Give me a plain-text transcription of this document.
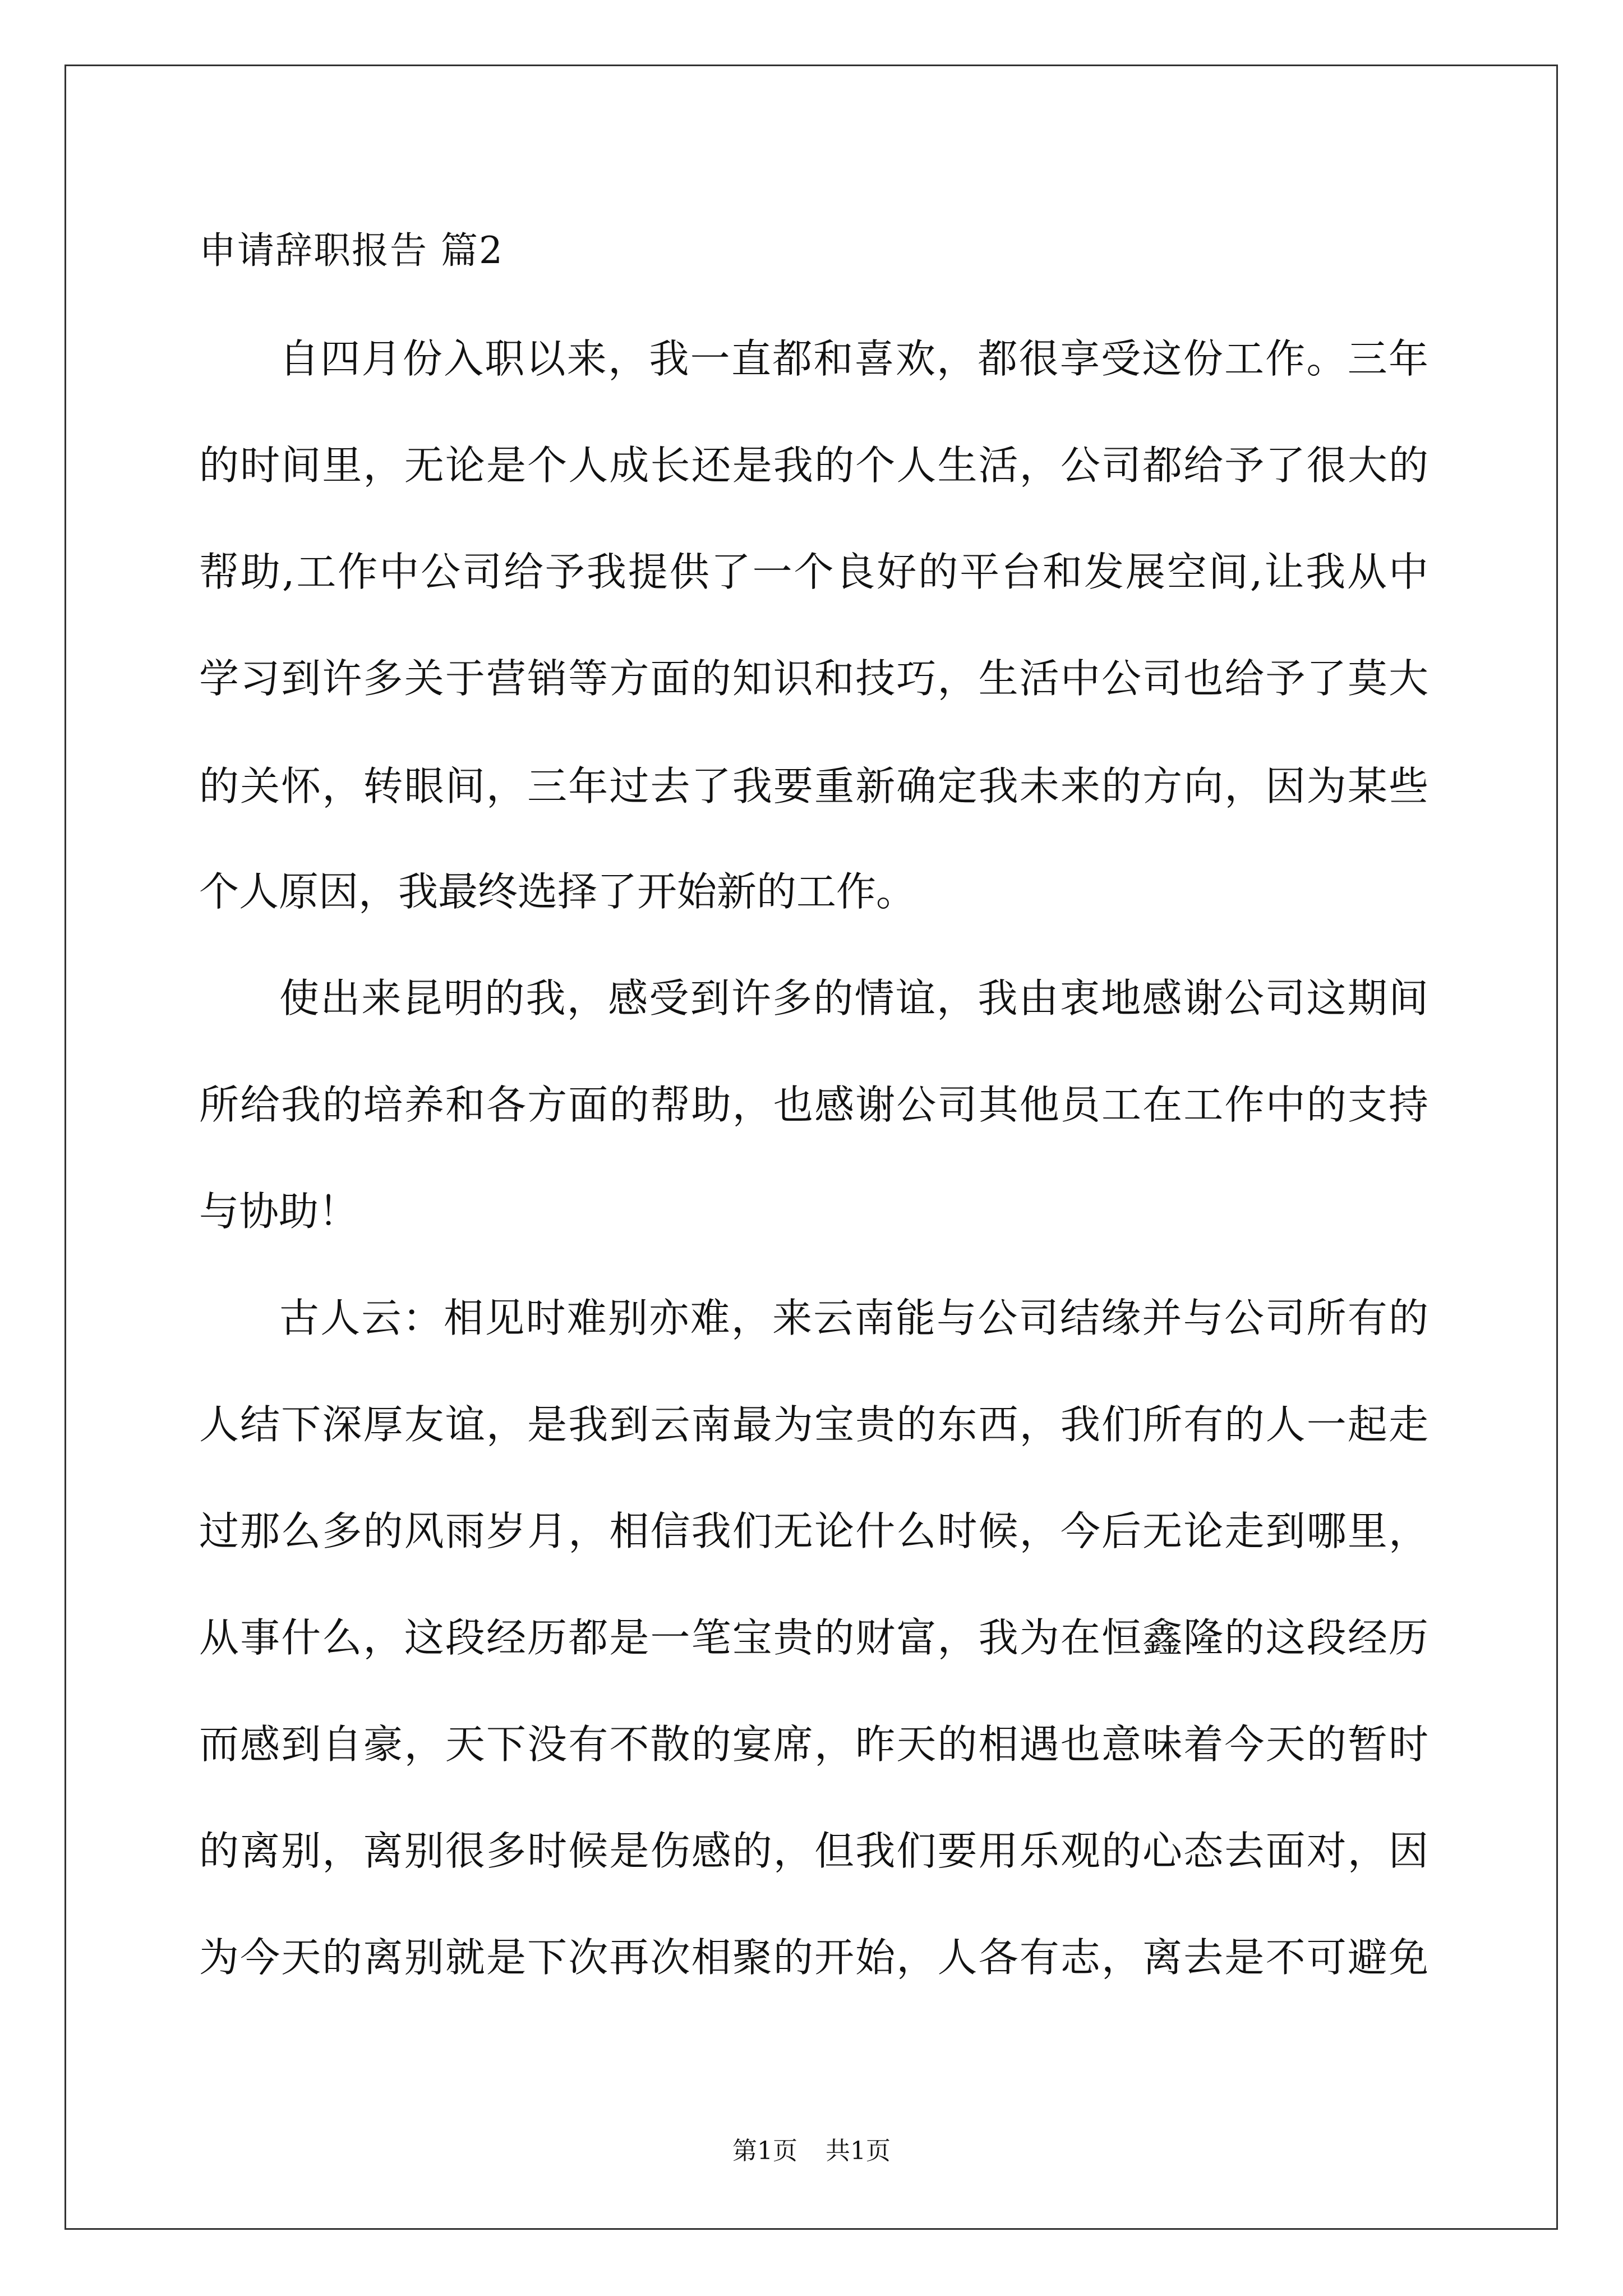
申请辞职报告 篇2
自四月份入职以来，我一直都和喜欢，都很享受这份工作。三年
的时间里，无论是个人成长还是我的个人生活，公司都给予了很大的
帮助,工作中公司给予我提供了一个良好的平台和发展空间,让我从中
学习到许多关于营销等方面的知识和技巧，生活中公司也给予了莫大
的关怀，转眼间，三年过去了我要重新确定我未来的方向，因为某些
个人原因，我最终选择了开始新的工作。
使出来昆明的我，感受到许多的情谊，我由衷地感谢公司这期间
所给我的培养和各方面的帮助，也感谢公司其他员工在工作中的支持
与协助！
古人云：相见时难别亦难，来云南能与公司结缘并与公司所有的
人结下深厚友谊，是我到云南最为宝贵的东西，我们所有的人一起走
过那么多的风雨岁月，相信我们无论什么时候，今后无论走到哪里，
从事什么，这段经历都是一笔宝贵的财富，我为在恒鑫隆的这段经历
而感到自豪，天下没有不散的宴席，昨天的相遇也意味着今天的暂时
的离别，离别很多时候是伤感的，但我们要用乐观的心态去面对，因
为今天的离别就是下次再次相聚的开始，人各有志，离去是不可避免
第1页 共1页
